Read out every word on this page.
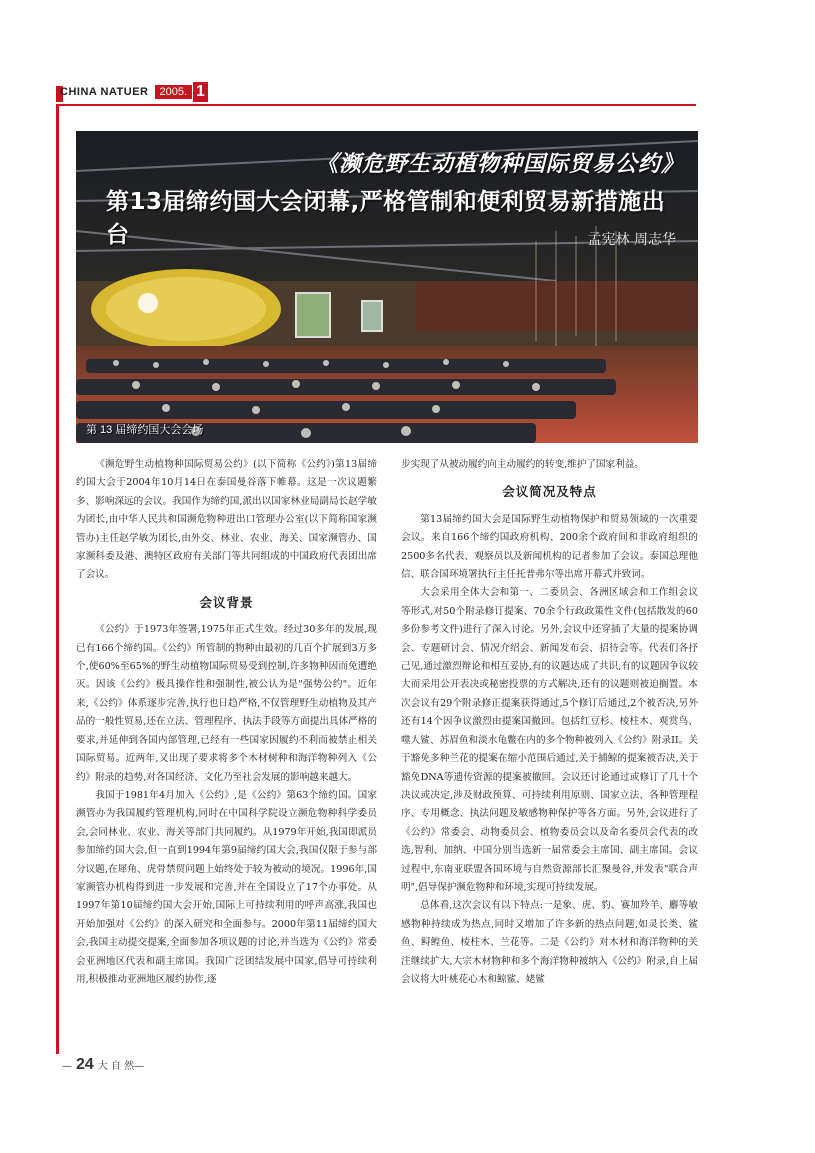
CHINA NATUER	2005. 1
《濒危野生动植物种国际贸易公约》
第13届缔约国大会闭幕,严格管制和便利贸易新措施出台	孟宪林 周志华
第 13 届缔约国大会会场

《濒危野生动植物种国际贸易公约》(以下简称《公约》)第13届缔约国大会于2004年10月14日在泰国曼谷落下帷幕。这是一次议题繁多、影响深远的会议。我国作为缔约国,派出以国家林业局副局长赵学敏为团长,由中华人民共和国濒危物种进出口管理办公室(以下简称国家濒管办)主任赵学敏为团长,由外交、林业、农业、海关、国家濒管办、国家濒科委及港、澳特区政府有关部门等共同组成的中国政府代表团出席了会议。

会议背景

《公约》于1973年签署,1975年正式生效。经过30多年的发展,现已有166个缔约国。《公约》所管制的物种由最初的几百个扩展到3万多个,使60%至65%的野生动植物国际贸易受到控制,许多物种因而免遭绝灭。因该《公约》极具操作性和强制性,被公认为是"强势公约"。近年来,《公约》体系逐步完善,执行也日趋严格,不仅管理野生动植物及其产品的一般性贸易,还在立法、管理程序、执法手段等方面提出具体严格的要求,并延伸到各国内部管理,已经有一些国家因履约不利而被禁止相关国际贸易。近两年,又出现了要求将多个木材树种和海洋物种列入《公约》附录的趋势,对各国经济、文化乃至社会发展的影响越来越大。

我国于1981年4月加入《公约》,是《公约》第63个缔约国。国家濒管办为我国履约管理机构,同时在中国科学院设立濒危物种科学委员会,会同林业、农业、海关等部门共同履约。从1979年开始,我国即派员参加缔约国大会,但一直到1994年第9届缔约国大会,我国仅限于参与部分议题,在犀角、虎骨禁贸问题上始终处于较为被动的境况。1996年,国家濒管办机构得到进一步发展和完善,并在全国设立了17个办事处。从1997年第10届缔约国大会开始,国际上可持续利用的呼声高涨,我国也开始加强对《公约》的深入研究和全面参与。2000年第11届缔约国大会,我国主动提交提案,全面参加各项议题的讨论,并当选为《公约》常委会亚洲地区代表和副主席国。我国广泛团结发展中国家,倡导可持续利用,积极推动亚洲地区履约协作,逐

步实现了从被动履约向主动履约的转变,维护了国家利益。

会议简况及特点

第13届缔约国大会是国际野生动植物保护和贸易领域的一次重要会议。来自166个缔约国政府机构、200余个政府间和非政府组织的2500多名代表、观察员以及新闻机构的记者参加了会议。泰国总理他信、联合国环境署执行主任托普弗尔等出席开幕式并致词。

大会采用全体大会和第一、二委员会、各洲区域会和工作组会议等形式,对50个附录修订提案、70余个行政政策性文件(包括散发的60多份参考文件)进行了深入讨论。另外,会议中还穿插了大量的提案协调会、专题研讨会、情况介绍会、新闻发布会、招待会等。代表们各抒己见,通过激烈辩论和相互妥协,有的议题达成了共识,有的议题因争议较大而采用公开表决或秘密投票的方式解决,还有的议题则被迫搁置。本次会议有29个附录修正提案获得通过,5个修订后通过,2个被否决,另外还有14个因争议激烈由提案国撤回。包括红豆杉、棱柱木、观赏鸟、噬人鲨、苏眉鱼和淡水龟鳖在内的多个物种被列入《公约》附录II。关于豁免多种兰花的提案在缩小范围后通过,关于捕鲸的提案被否决,关于豁免DNA等遗传资源的提案被撤回。会议还讨论通过或修订了几十个决议或决定,涉及财政预算、可持续利用原则、国家立法、各种管理程序、专用概念、执法问题及敏感物种保护等各方面。另外,会议进行了《公约》常委会、动物委员会、植物委员会以及命名委员会代表的改选,智利、加纳、中国分别当选新一届常委会主席国、副主席国。会议过程中,东南亚联盟各国环境与自然资源部长汇聚曼谷,并发表"联合声明",倡导保护濒危物种和环境,实现可持续发展。

总体看,这次会议有以下特点:一是象、虎、豹、赛加羚羊、麝等敏感物种持续成为热点,同时又增加了许多新的热点问题,如灵长类、鲨鱼、鲟鳇鱼、棱柱木、兰花等。二是《公约》对木材和海洋物种的关注继续扩大,大宗木材物种和多个海洋物种被纳入《公约》附录,自上届会议将大叶桃花心木和鲸鲨、姥鲨

— 24 大 自 然 —
